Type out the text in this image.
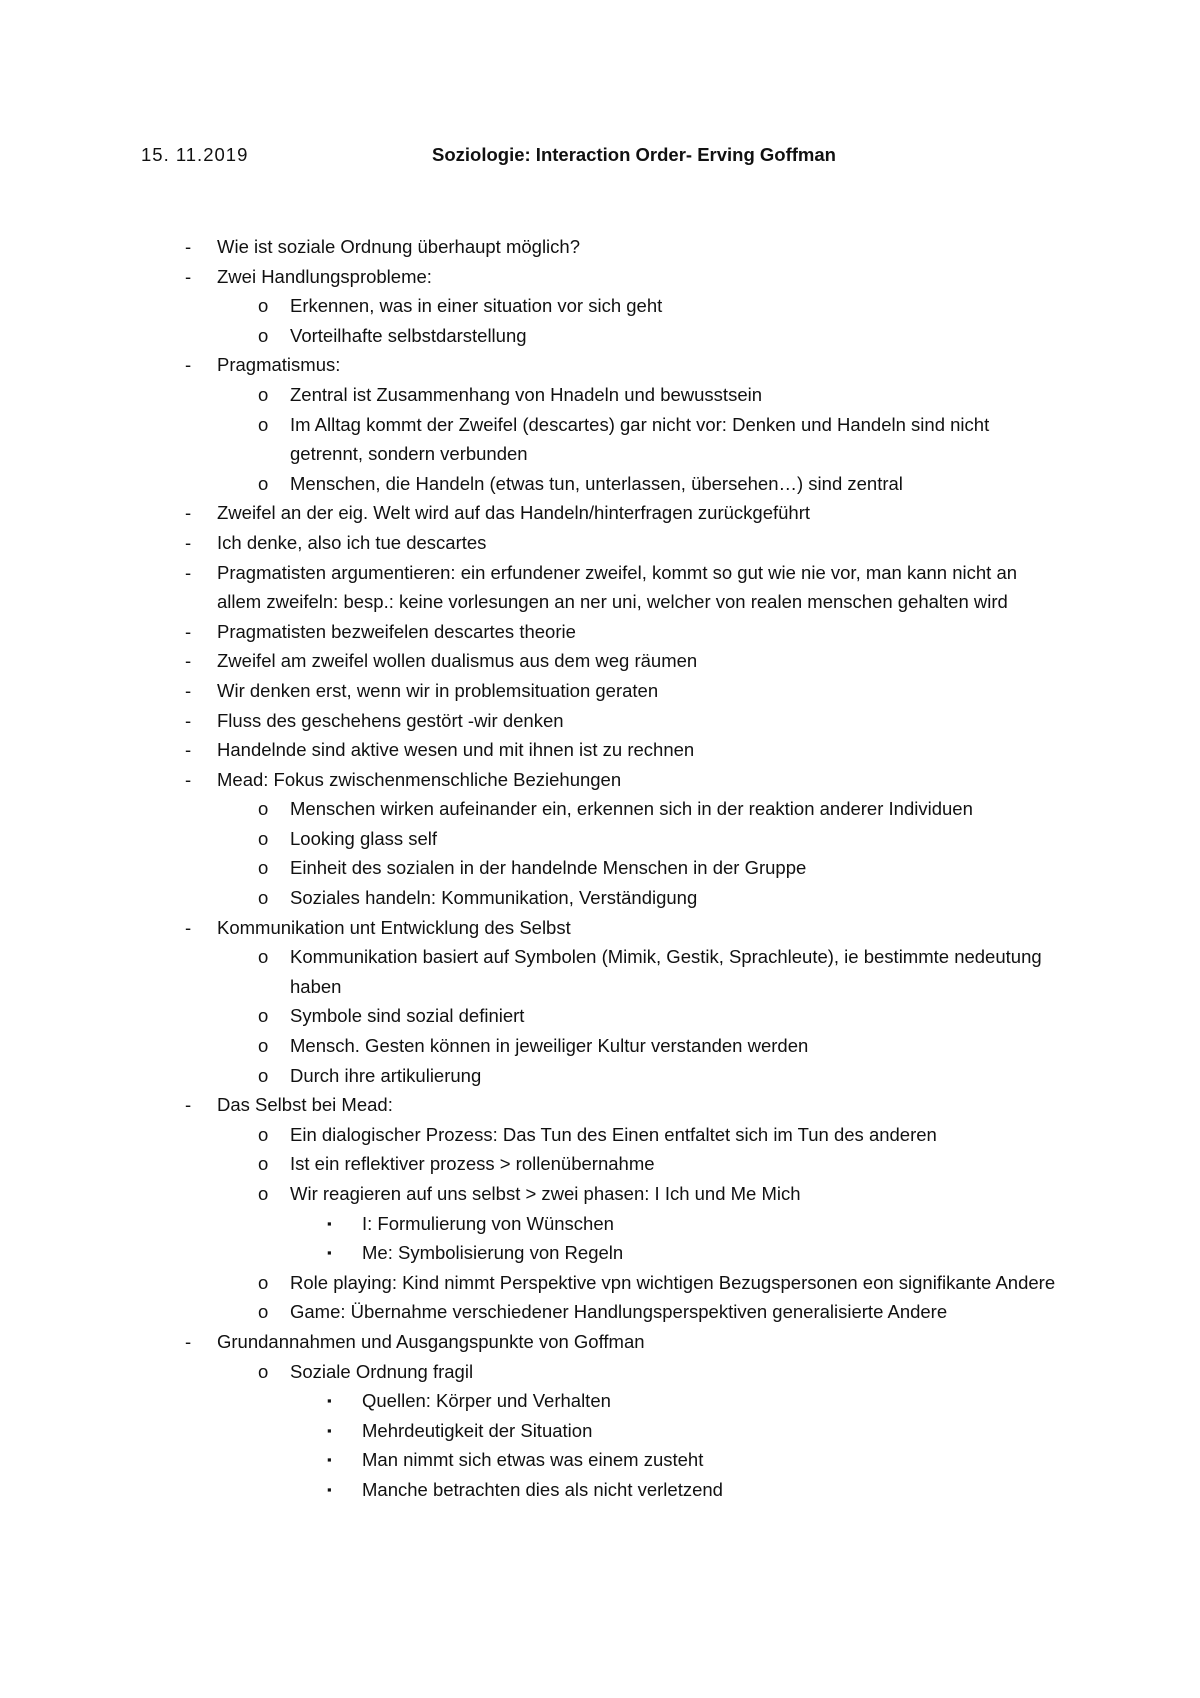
15. 11.2019	Soziologie: Interaction Order- Erving Goffman
- Wie ist soziale Ordnung überhaupt möglich?
- Zwei Handlungsprobleme:
o Erkennen, was in einer situation vor sich geht
o Vorteilhafte selbstdarstellung
- Pragmatismus:
o Zentral ist Zusammenhang von Hnadeln und bewusstsein
o Im Alltag kommt der Zweifel (descartes) gar nicht vor: Denken und Handeln sind nicht getrennt, sondern verbunden
o Menschen, die Handeln (etwas tun, unterlassen, übersehen…) sind zentral
- Zweifel an der eig. Welt wird auf das Handeln/hinterfragen zurückgeführt
- Ich denke, also ich tue descartes
- Pragmatisten argumentieren: ein erfundener zweifel, kommt so gut wie nie vor, man kann nicht an allem zweifeln: besp.: keine vorlesungen an ner uni, welcher von realen menschen gehalten wird
- Pragmatisten bezweifelen descartes theorie
- Zweifel am zweifel wollen dualismus aus dem weg räumen
- Wir denken erst, wenn wir in problemsituation geraten
- Fluss des geschehens gestört -wir denken
- Handelnde sind aktive wesen und mit ihnen ist zu rechnen
- Mead: Fokus zwischenmenschliche Beziehungen
o Menschen wirken aufeinander ein, erkennen sich in der reaktion anderer Individuen
o Looking glass self
o Einheit des sozialen in der handelnde Menschen in der Gruppe
o Soziales handeln: Kommunikation, Verständigung
- Kommunikation unt Entwicklung des Selbst
o Kommunikation basiert auf Symbolen (Mimik, Gestik, Sprachleute), ie bestimmte nedeutung haben
o Symbole sind sozial definiert
o Mensch. Gesten können in jeweiliger Kultur verstanden werden
o Durch ihre artikulierung
- Das Selbst bei Mead:
o Ein dialogischer Prozess: Das Tun des Einen entfaltet sich im Tun des anderen
o Ist ein reflektiver prozess > rollenübernahme
o Wir reagieren auf uns selbst > zwei phasen: I Ich und Me Mich
▪ I: Formulierung von Wünschen
▪ Me: Symbolisierung von Regeln
o Role playing: Kind nimmt Perspektive vpn wichtigen Bezugspersonen eon signifikante Andere
o Game: Übernahme verschiedener Handlungsperspektiven generalisierte Andere
- Grundannahmen und Ausgangspunkte von Goffman
o Soziale Ordnung fragil
▪ Quellen: Körper und Verhalten
▪ Mehrdeutigkeit der Situation
▪ Man nimmt sich etwas was einem zusteht
▪ Manche betrachten dies als nicht verletzend
